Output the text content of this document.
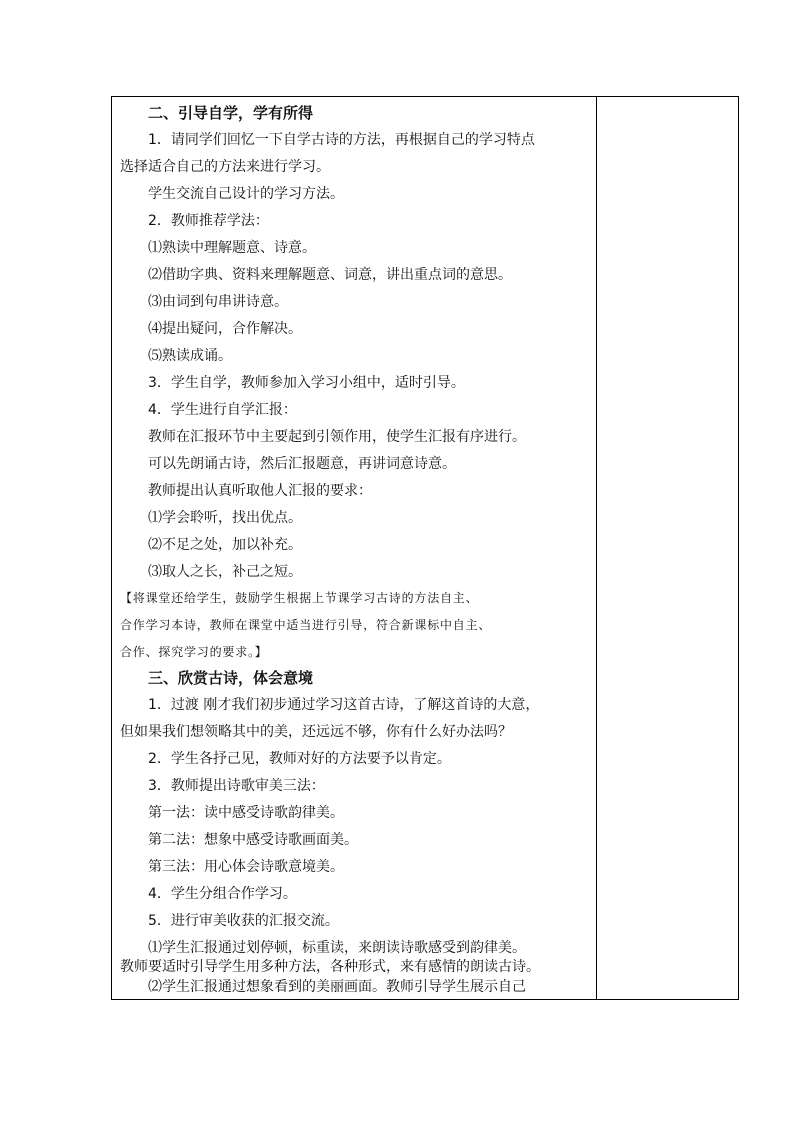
二、引导自学，学有所得
1．请同学们回忆一下自学古诗的方法，再根据自己的学习特点
选择适合自己的方法来进行学习。
学生交流自己设计的学习方法。
2．教师推荐学法：
⑴熟读中理解题意、诗意。
⑵借助字典、资料来理解题意、词意，讲出重点词的意思。
⑶由词到句串讲诗意。
⑷提出疑问，合作解决。
⑸熟读成诵。
3．学生自学，教师参加入学习小组中，适时引导。
4．学生进行自学汇报：
教师在汇报环节中主要起到引领作用，使学生汇报有序进行。
可以先朗诵古诗，然后汇报题意，再讲词意诗意。
教师提出认真听取他人汇报的要求：
⑴学会聆听，找出优点。
⑵不足之处，加以补充。
⑶取人之长，补己之短。
【将课堂还给学生，鼓励学生根据上节课学习古诗的方法自主、
合作学习本诗，教师在课堂中适当进行引导，符合新课标中自主、
合作、探究学习的要求。】
三、欣赏古诗，体会意境
1．过渡 刚才我们初步通过学习这首古诗，了解这首诗的大意，
但如果我们想领略其中的美，还远远不够，你有什么好办法吗？
2．学生各抒己见，教师对好的方法要予以肯定。
3．教师提出诗歌审美三法：
第一法：读中感受诗歌韵律美。
第二法：想象中感受诗歌画面美。
第三法：用心体会诗歌意境美。
4．学生分组合作学习。
5．进行审美收获的汇报交流。
⑴学生汇报通过划停顿，标重读，来朗读诗歌感受到韵律美。
教师要适时引导学生用多种方法，各种形式，来有感情的朗读古诗。
⑵学生汇报通过想象看到的美丽画面。教师引导学生展示自己
